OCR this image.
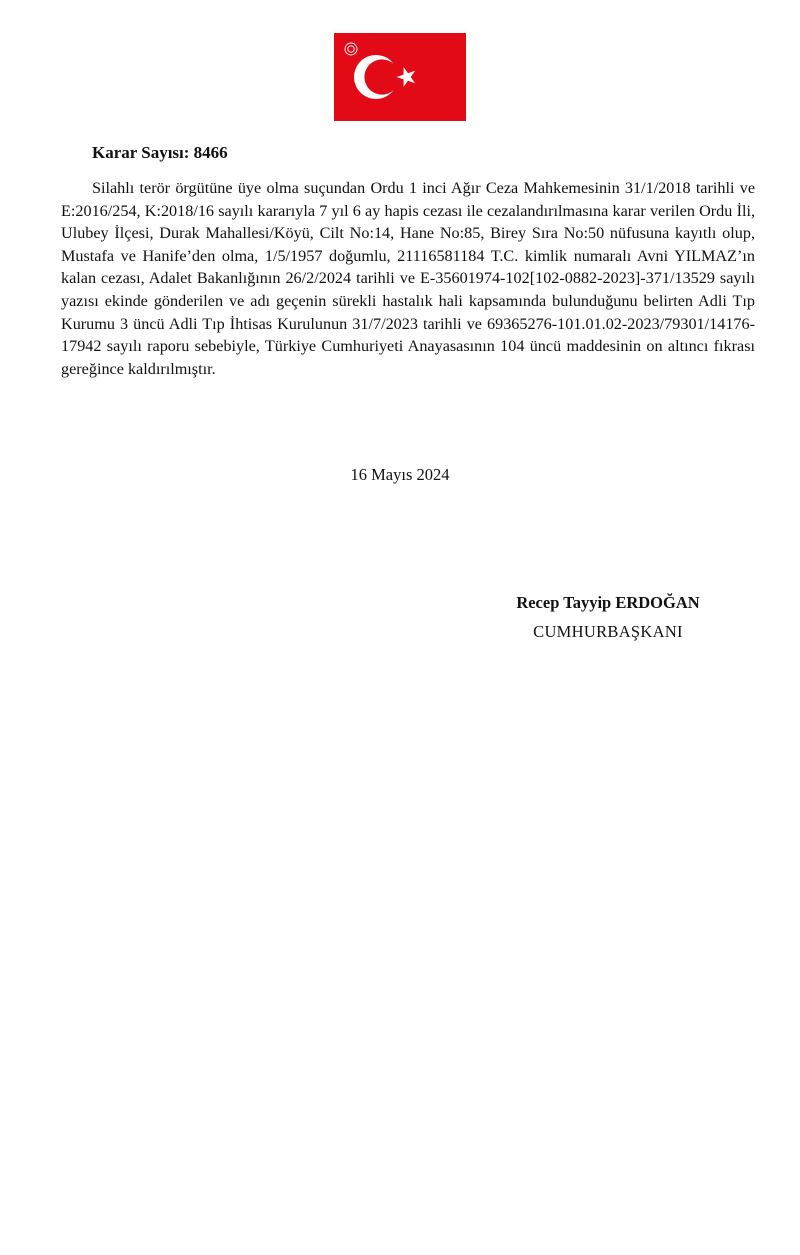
Karar Sayısı: 8466

Silahlı terör örgütüne üye olma suçundan Ordu 1 inci Ağır Ceza Mahkemesinin 31/1/2018 tarihli ve E:2016/254, K:2018/16 sayılı kararıyla 7 yıl 6 ay hapis cezası ile cezalandırılmasına karar verilen Ordu İli, Ulubey İlçesi, Durak Mahallesi/Köyü, Cilt No:14, Hane No:85, Birey Sıra No:50 nüfusuna kayıtlı olup, Mustafa ve Hanife’den olma, 1/5/1957 doğumlu, 21116581184 T.C. kimlik numaralı Avni YILMAZ’ın kalan cezası, Adalet Bakanlığının 26/2/2024 tarihli ve E-35601974-102[102-0882-2023]-371/13529 sayılı yazısı ekinde gönderilen ve adı geçenin sürekli hastalık hali kapsamında bulunduğunu belirten Adli Tıp Kurumu 3 üncü Adli Tıp İhtisas Kurulunun 31/7/2023 tarihli ve 69365276-101.01.02-2023/79301/14176-17942 sayılı raporu sebebiyle, Türkiye Cumhuriyeti Anayasasının 104 üncü maddesinin on altıncı fıkrası gereğince kaldırılmıştır.

16 Mayıs 2024

Recep Tayyip ERDOĞAN

CUMHURBAŞKANI
